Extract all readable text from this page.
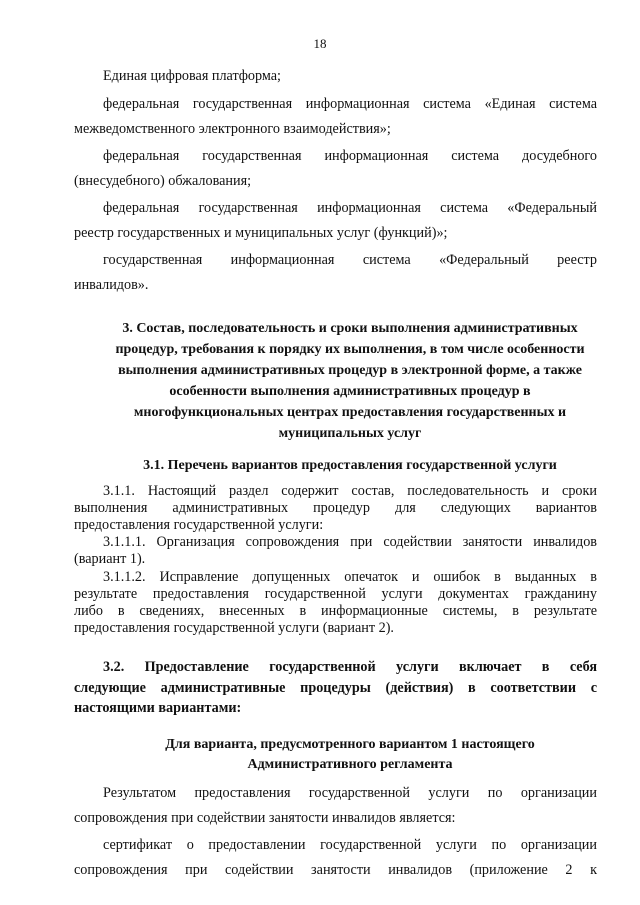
18
Единая цифровая платформа;
федеральная государственная информационная система «Единая система
межведомственного электронного взаимодействия»;
федеральная государственная информационная система досудебного
(внесудебного) обжалования;
федеральная государственная информационная система «Федеральный
реестр государственных и муниципальных услуг (функций)»;
государственная информационная система «Федеральный реестр
инвалидов».
3. Состав, последовательность и сроки выполнения административных
процедур, требования к порядку их выполнения, в том числе особенности
выполнения административных процедур в электронной форме, а также
особенности выполнения административных процедур в
многофункциональных центрах предоставления государственных и
муниципальных услуг
3.1. Перечень вариантов предоставления государственной услуги
3.1.1. Настоящий раздел содержит состав, последовательность и сроки
выполнения административных процедур для следующих вариантов
предоставления государственной услуги:
3.1.1.1. Организация сопровождения при содействии занятости инвалидов
(вариант 1).
3.1.1.2. Исправление допущенных опечаток и ошибок в выданных в
результате предоставления государственной услуги документах гражданину
либо в сведениях, внесенных в информационные системы, в результате
предоставления государственной услуги (вариант 2).
3.2. Предоставление государственной услуги включает в себя
следующие административные процедуры (действия) в соответствии с
настоящими вариантами:
Для варианта, предусмотренного вариантом 1 настоящего
Административного регламента
Результатом предоставления государственной услуги по организации
сопровождения при содействии занятости инвалидов является:
сертификат о предоставлении государственной услуги по организации
сопровождения при содействии занятости инвалидов (приложение 2 к
